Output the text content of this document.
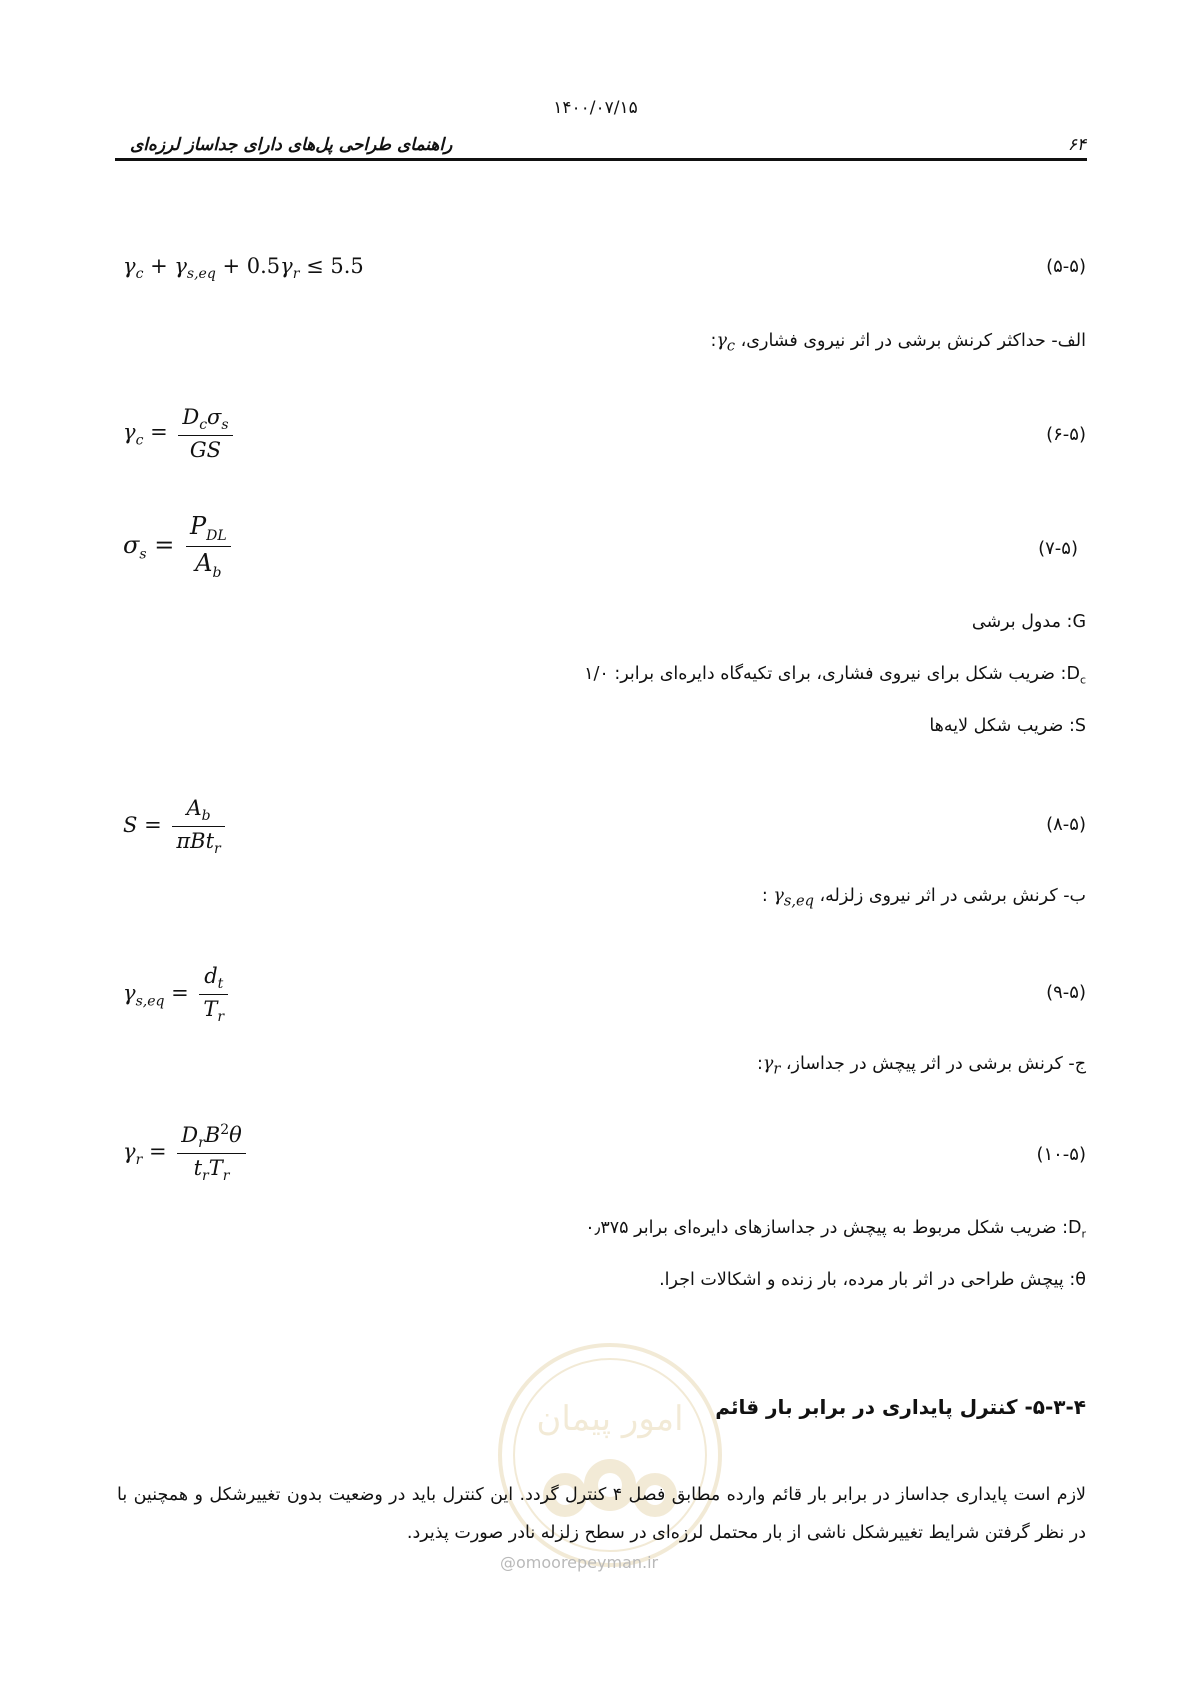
۱۴۰۰/۰۷/۱۵
راهنمای طراحی پل‌های دارای جداساز لرزه‌ای	۶۴
$\gamma_c + \gamma_{s,eq} + 0.5\gamma_r \le 5.5$	(۵-۵)
الف- حداکثر کرنش برشی در اثر نیروی فشاری، $\gamma_c$:
$\gamma_c = \frac{D_c\sigma_s}{GS}$	(۶-۵)
$\sigma_s = \frac{P_{DL}}{A_b}$	(۷-۵)
G: مدول برشی
$D_c$: ضریب شکل برای نیروی فشاری، برای تکیه‌گاه دایره‌ای برابر: ۱/۰
S: ضریب شکل لایه‌ها
$S = \frac{A_b}{\pi Bt_r}$	(۸-۵)
ب- کرنش برشی در اثر نیروی زلزله، $\gamma_{s,eq}$ :
$\gamma_{s,eq} = \frac{d_t}{T_r}$	(۹-۵)
ج- کرنش برشی در اثر پیچش در جداساز، $\gamma_r$:
$\gamma_r = \frac{D_rB^2\theta}{t_rT_r}$	(۱۰-۵)
$D_r$: ضریب شکل مربوط به پیچش در جداسازهای دایره‌ای برابر ۰٫۳۷۵
θ: پیچش طراحی در اثر بار مرده، بار زنده و اشکالات اجرا.
امور پیمان ۵-۳-۴- کنترل پایداری در برابر بار قائم
لازم است پایداری جداساز در برابر بار قائم وارده مطابق فصل ۴ کنترل گردد. این کنترل باید در وضعیت بدون تغییرشکل و همچنین با در نظر گرفتن شرایط تغییرشکل ناشی از بار محتمل لرزه‌ای در سطح زلزله نادر صورت پذیرد.
@omoorepeyman.ir
